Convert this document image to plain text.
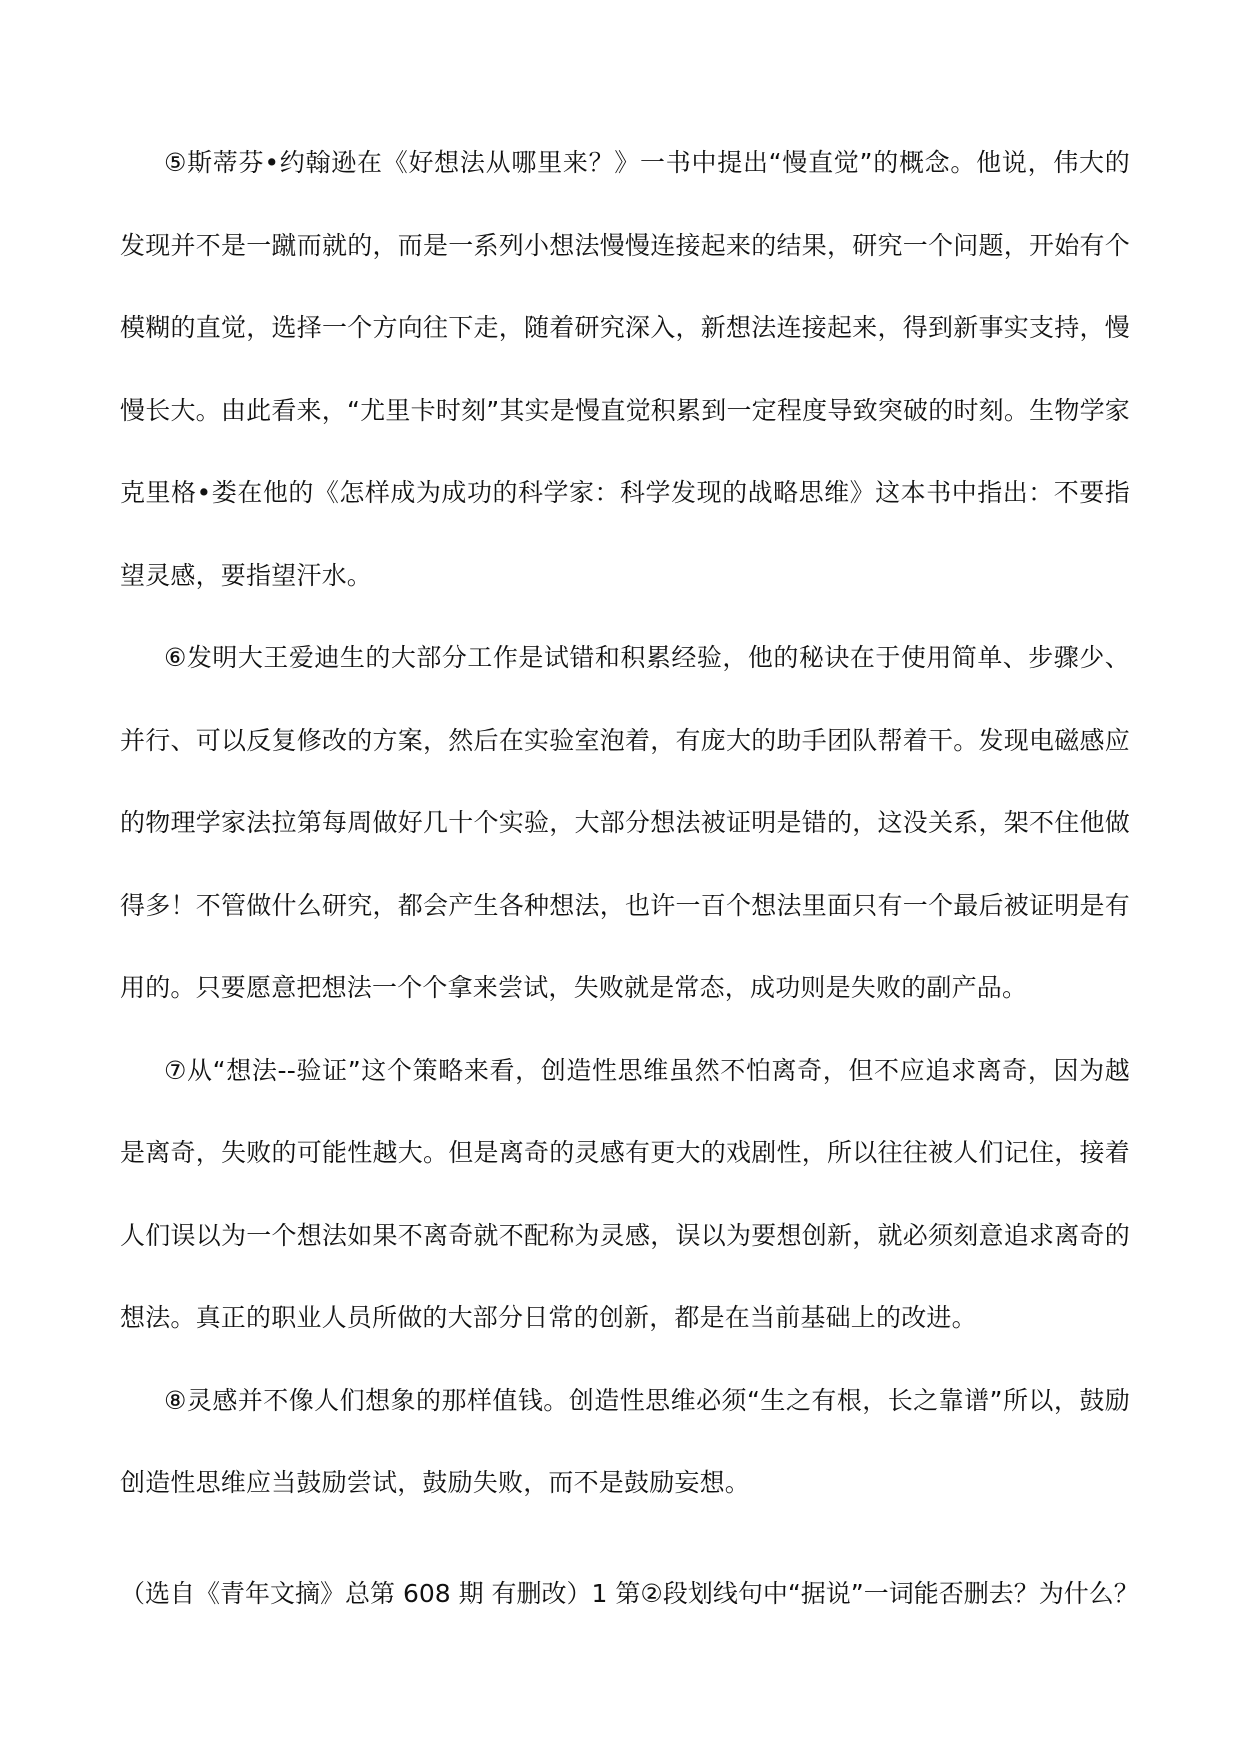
⑤斯蒂芬•约翰逊在《好想法从哪里来？》一书中提出“慢直觉”的概念。他说，伟大的发现并不是一蹴而就的，而是一系列小想法慢慢连接起来的结果，研究一个问题，开始有个模糊的直觉，选择一个方向往下走，随着研究深入，新想法连接起来，得到新事实支持，慢慢长大。由此看来，“尤里卡时刻”其实是慢直觉积累到一定程度导致突破的时刻。生物学家克里格•娄在他的《怎样成为成功的科学家：科学发现的战略思维》这本书中指出：不要指望灵感，要指望汗水。

⑥发明大王爱迪生的大部分工作是试错和积累经验，他的秘诀在于使用简单、步骤少、并行、可以反复修改的方案，然后在实验室泡着，有庞大的助手团队帮着干。发现电磁感应的物理学家法拉第每周做好几十个实验，大部分想法被证明是错的，这没关系，架不住他做得多！不管做什么研究，都会产生各种想法，也许一百个想法里面只有一个最后被证明是有用的。只要愿意把想法一个个拿来尝试，失败就是常态，成功则是失败的副产品。

⑦从“想法--验证”这个策略来看，创造性思维虽然不怕离奇，但不应追求离奇，因为越是离奇，失败的可能性越大。但是离奇的灵感有更大的戏剧性，所以往往被人们记住，接着人们误以为一个想法如果不离奇就不配称为灵感，误以为要想创新，就必须刻意追求离奇的想法。真正的职业人员所做的大部分日常的创新，都是在当前基础上的改进。

⑧灵感并不像人们想象的那样值钱。创造性思维必须“生之有根，长之靠谱”所以，鼓励创造性思维应当鼓励尝试，鼓励失败，而不是鼓励妄想。

（选自《青年文摘》总第 608 期 有删改）1 第②段划线句中“据说”一词能否删去？为什么？
